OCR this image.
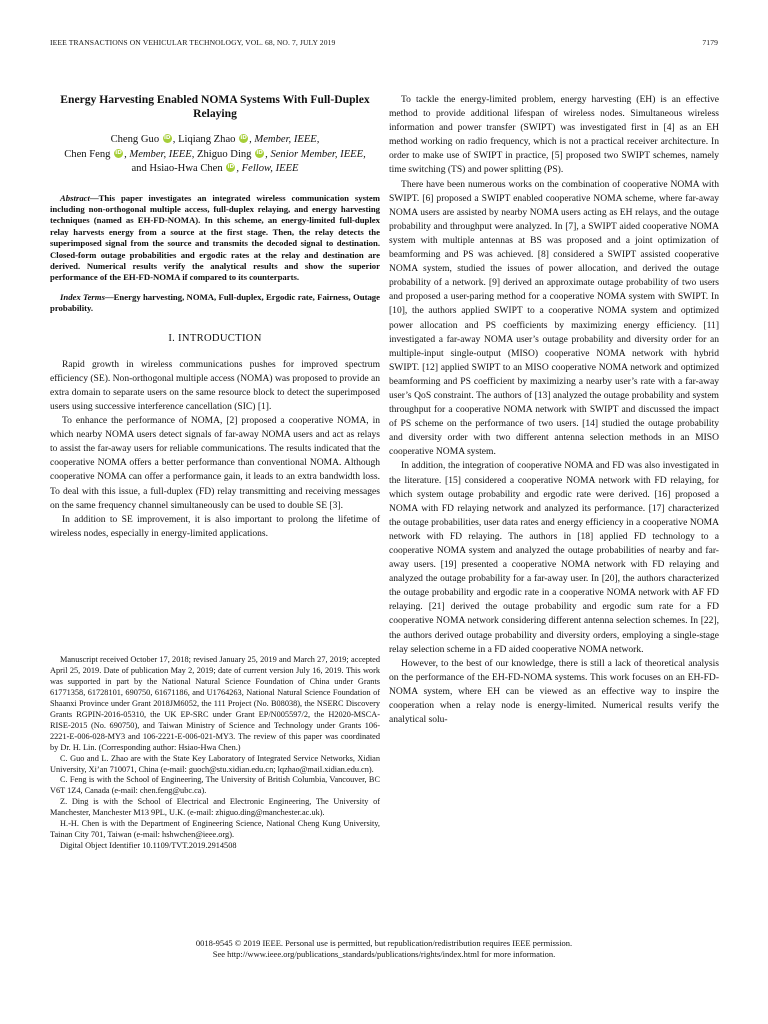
IEEE TRANSACTIONS ON VEHICULAR TECHNOLOGY, VOL. 68, NO. 7, JULY 2019	7179
Energy Harvesting Enabled NOMA Systems With Full-Duplex Relaying
Cheng Guo iD , Liqiang Zhao iD , Member, IEEE,
Chen Feng iD , Member, IEEE, Zhiguo Ding iD , Senior Member, IEEE,
and Hsiao-Hwa Chen iD , Fellow, IEEE

Abstract—This paper investigates an integrated wireless communication system including non-orthogonal multiple access, full-duplex relaying, and energy harvesting techniques (named as EH-FD-NOMA). In this scheme, an energy-limited full-duplex relay harvests energy from a source at the first stage. Then, the relay detects the superimposed signal from the source and transmits the decoded signal to destination. Closed-form outage probabilities and ergodic rates at the relay and destination are derived. Numerical results verify the analytical results and show the superior performance of the EH-FD-NOMA if compared to its counterparts.

Index Terms—Energy harvesting, NOMA, Full-duplex, Ergodic rate, Fairness, Outage probability.

I. INTRODUCTION

Rapid growth in wireless communications pushes for improved spectrum efficiency (SE). Non-orthogonal multiple access (NOMA) was proposed to provide an extra domain to separate users on the same resource block to detect the superimposed users using successive interference cancellation (SIC) [1].

To enhance the performance of NOMA, [2] proposed a cooperative NOMA, in which nearby NOMA users detect signals of far-away NOMA users and act as relays to assist the far-away users for reliable communications. The results indicated that the cooperative NOMA offers a better performance than conventional NOMA. Although cooperative NOMA can offer a performance gain, it leads to an extra bandwidth loss. To deal with this issue, a full-duplex (FD) relay transmitting and receiving messages on the same frequency channel simultaneously can be used to double SE [3].

In addition to SE improvement, it is also important to prolong the lifetime of wireless nodes, especially in energy-limited applications.

Manuscript received October 17, 2018; revised January 25, 2019 and March 27, 2019; accepted April 25, 2019. Date of publication May 2, 2019; date of current version July 16, 2019. This work was supported in part by the National Natural Science Foundation of China under Grants 61771358, 61728101, 690750, 61671186, and U1764263, National Natural Science Foundation of Shaanxi Province under Grant 2018JM6052, the 111 Project (No. B08038), the NSERC Discovery Grants RGPIN-2016-05310, the UK EP-SRC under Grant EP/N005597/2, the H2020-MSCA-RISE-2015 (No. 690750), and Taiwan Ministry of Science and Technology under Grants 106-2221-E-006-028-MY3 and 106-2221-E-006-021-MY3. The review of this paper was coordinated by Dr. H. Lin. (Corresponding author: Hsiao-Hwa Chen.)

C. Guo and L. Zhao are with the State Key Laboratory of Integrated Service Networks, Xidian University, Xi’an 710071, China (e-mail: guoch@stu.xidian.edu.cn; lqzhao@mail.xidian.edu.cn).

C. Feng is with the School of Engineering, The University of British Columbia, Vancouver, BC V6T 1Z4, Canada (e-mail: chen.feng@ubc.ca).

Z. Ding is with the School of Electrical and Electronic Engineering, The University of Manchester, Manchester M13 9PL, U.K. (e-mail: zhiguo.ding@manchester.ac.uk).

H.-H. Chen is with the Department of Engineering Science, National Cheng Kung University, Tainan City 701, Taiwan (e-mail: hshwchen@ieee.org).

Digital Object Identifier 10.1109/TVT.2019.2914508

To tackle the energy-limited problem, energy harvesting (EH) is an effective method to provide additional lifespan of wireless nodes. Simultaneous wireless information and power transfer (SWIPT) was investigated first in [4] as an EH method working on radio frequency, which is not a practical receiver architecture. In order to make use of SWIPT in practice, [5] proposed two SWIPT schemes, namely time switching (TS) and power splitting (PS).

There have been numerous works on the combination of cooperative NOMA with SWIPT. [6] proposed a SWIPT enabled cooperative NOMA scheme, where far-away NOMA users are assisted by nearby NOMA users acting as EH relays, and the outage probability and throughput were analyzed. In [7], a SWIPT aided cooperative NOMA system with multiple antennas at BS was proposed and a joint optimization of beamforming and PS was achieved. [8] considered a SWIPT assisted cooperative NOMA system, studied the issues of power allocation, and derived the outage probability of a network. [9] derived an approximate outage probability of two users and proposed a user-paring method for a cooperative NOMA system with SWIPT. In [10], the authors applied SWIPT to a cooperative NOMA system and optimized power allocation and PS coefficients by maximizing energy efficiency. [11] investigated a far-away NOMA user’s outage probability and diversity order for an multiple-input single-output (MISO) cooperative NOMA network with hybrid SWIPT. [12] applied SWIPT to an MISO cooperative NOMA network and optimized beamforming and PS coefficient by maximizing a nearby user’s rate with a far-away user’s QoS constraint. The authors of [13] analyzed the outage probability and system throughput for a cooperative NOMA network with SWIPT and discussed the impact of PS scheme on the performance of two users. [14] studied the outage probability and diversity order with two different antenna selection methods in an MISO cooperative NOMA system.

In addition, the integration of cooperative NOMA and FD was also investigated in the literature. [15] considered a cooperative NOMA network with FD relaying, for which system outage probability and ergodic rate were derived. [16] proposed a NOMA with FD relaying network and analyzed its performance. [17] characterized the outage probabilities, user data rates and energy efficiency in a cooperative NOMA network with FD relaying. The authors in [18] applied FD technology to a cooperative NOMA system and analyzed the outage probabilities of nearby and far-away users. [19] presented a cooperative NOMA network with FD relaying and analyzed the outage probability for a far-away user. In [20], the authors characterized the outage probability and ergodic rate in a cooperative NOMA network with AF FD relaying. [21] derived the outage probability and ergodic sum rate for a FD cooperative NOMA network considering different antenna selection schemes. In [22], the authors derived outage probability and diversity orders, employing a single-stage relay selection scheme in a FD aided cooperative NOMA network.

However, to the best of our knowledge, there is still a lack of theoretical analysis on the performance of the EH-FD-NOMA systems. This work focuses on an EH-FD-NOMA system, where EH can be viewed as an effective way to inspire the cooperation when a relay node is energy-limited. Numerical results verify the analytical solu-

0018-9545 © 2019 IEEE. Personal use is permitted, but republication/redistribution requires IEEE permission.
See http://www.ieee.org/publications_standards/publications/rights/index.html for more information.
